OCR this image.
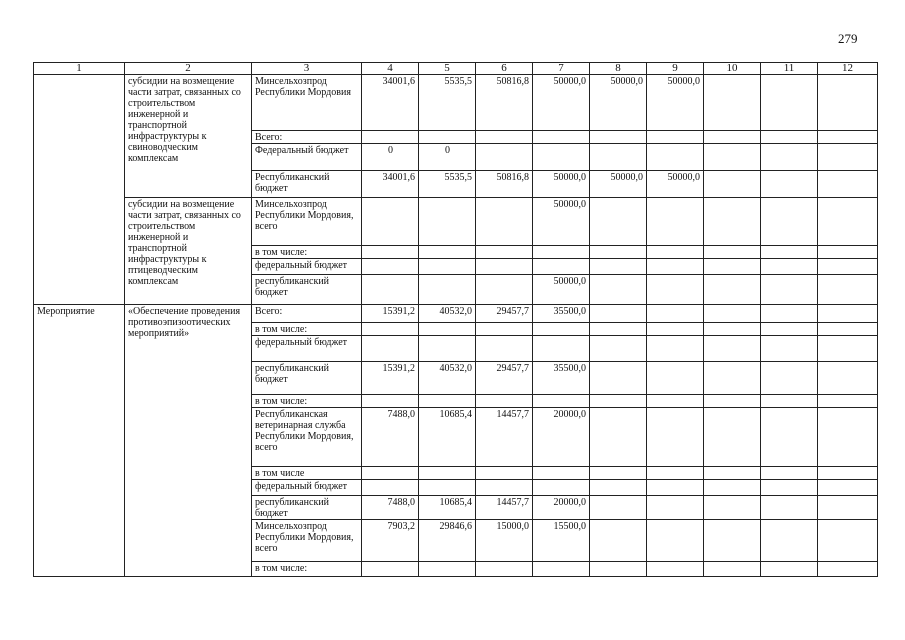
279
1	2	3	4	5	6	7	8	9	10	11	12
	субсидии на возмещение части затрат, связанных со строительством инженерной и транспортной инфраструктуры к свиноводческим комплексам	Минсельхозпрод Республики Мордовия	34001,6	5535,5	50816,8	50000,0	50000,0	50000,0			
		Всего:									
		Федеральный бюджет	0	0							
		Республиканский бюджет	34001,6	5535,5	50816,8	50000,0	50000,0	50000,0			
	субсидии на возмещение части затрат, связанных со строительством инженерной и транспортной инфраструктуры к птицеводческим комплексам	Минсельхозпрод Республики Мордовия, всего				50000,0					
		в том числе:									
		федеральный бюджет									
		республиканский бюджет				50000,0					
Мероприятие	«Обеспечение проведения противоэпизоотических мероприятий»	Всего:	15391,2	40532,0	29457,7	35500,0					
		в том числе:									
		федеральный бюджет									
		республиканский бюджет	15391,2	40532,0	29457,7	35500,0					
		в том числе:									
		Республиканская ветеринарная служба Республики Мордовия, всего	7488,0	10685,4	14457,7	20000,0					
		в том числе									
		федеральный бюджет									
		республиканский бюджет	7488,0	10685,4	14457,7	20000,0					
		Минсельхозпрод Республики Мордовия, всего	7903,2	29846,6	15000,0	15500,0					
		в том числе:									
